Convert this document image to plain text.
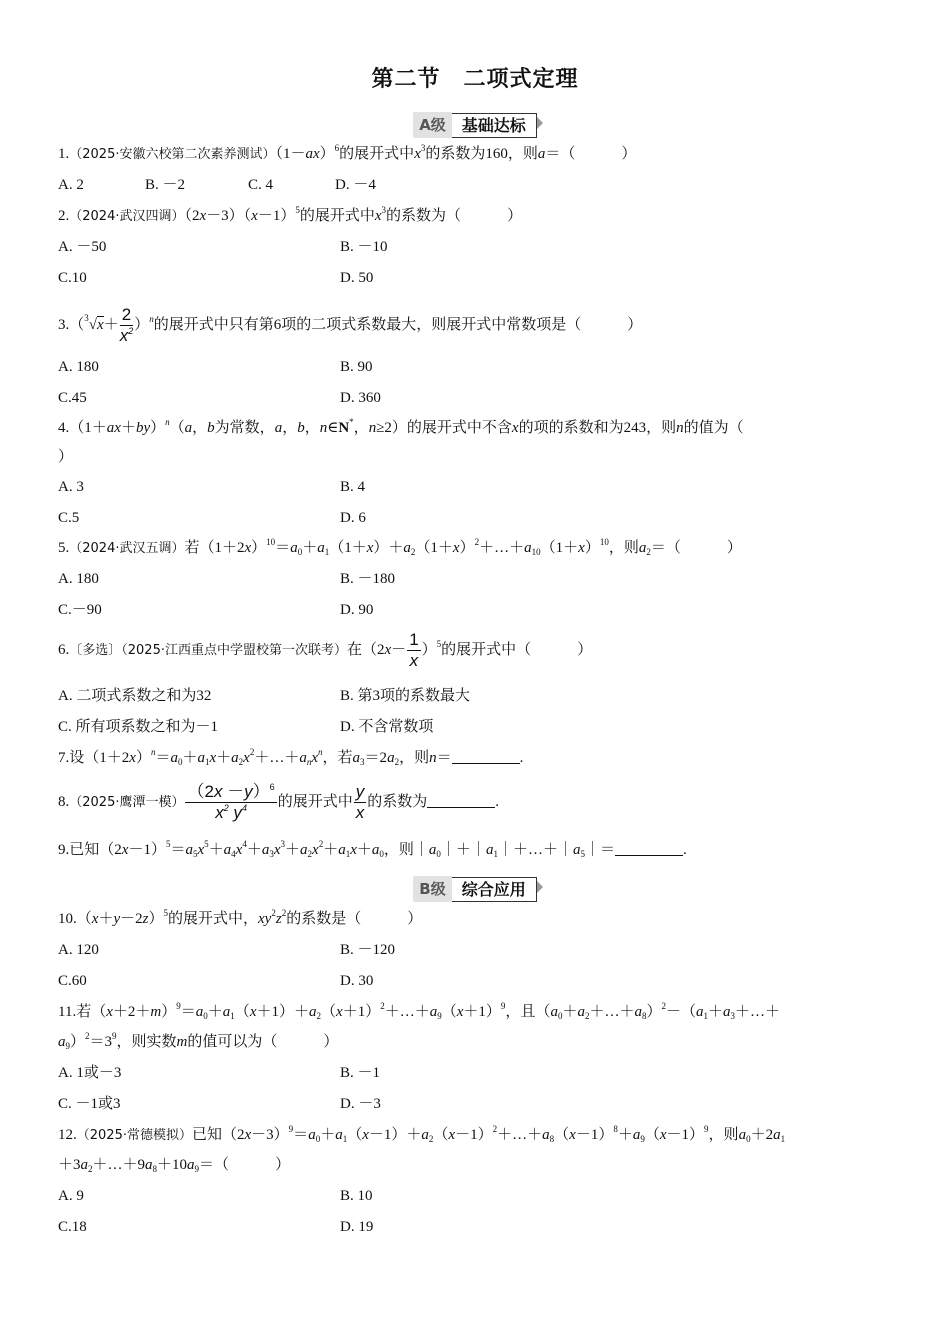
第二节　二项式定理
A级	基础达标
1.（2025·安徽六校第二次素养测试）$(1-ax)^6$的展开式中$x^3$的系数为160，则a＝（	）
A. 2	B. －2	C. 4	D. －4
2.（2024·武汉四调）$(2x-3)(x-1)^5$的展开式中$x^3$的系数为（	）
A. －50	B. －10
C.10	D. 50
$3.(^3√x+ \frac{2}{x^2} )^n$的展开式中只有第6项的二项式系数最大，则展开式中常数项是（	）
A. 180	B. 90
C.45	D. 360
$4.(1+ax+by)^n(a$，b为常数，a，b，n∈N*，n≥2）的展开式中不含x的项的系数和为243，则n的值为（
）
A. 3	B. 4
C.5	D. 6
5.（2024·武汉五调）若$(1+2x)^{10}=a_0+a_1(1+x)+a_2(1+x)^2+\dots+a_{10}(1+x)^{10}$，则$a_2=$（	）
A. 180	B. －180
C.－90	D. 90
6.〔多选〕（2025·江西重点中学盟校第一次联考）在$(2x- \frac{1}{x} )^5$的展开式中（	）
A. 二项式系数之和为32	B. 第3项的系数最大
C. 所有项系数之和为－1	D. 不含常数项
7.设$(1+2x)^n=a_0+a_1x+a_2x^2+\dots+a_nx^n$，若$a_3=2a_2$，则n＝	.
8.（2025·鹰潭一模） $\frac{(2x -y)^6}{x^2 y^4}$ 的展开式中 $\frac{y}{x}$ 的系数为	.
9.已知$(2x-1)^5=a_5x^5+a_4x^4+a_3x^3+a_2x^2+a_1x+a_0$，则$|a_0|+|a_1|+\dots+|a_5|=$	.
B级	综合应用
$10.(x+y-2z)^5$的展开式中，$xy^2z^2$的系数是（	）
A. 120	B. －120
C.60	D. 30
11.若$(x+2+m)^9=a_0+a_1(x+1)+a_2(x+1)^2+\dots+a_9(x+1)^9$，且$(a_0+a_2+\dots+a_8)^2-(a_1+a_3+\dots+$
$a_9)^2=3^9$，则实数m的值可以为（	）
A. 1或－3	B. －1
C. －1或3	D. －3
12.（2025·常德模拟）已知$(2x-3)^9=a_0+a_1(x-1)+a_2(x-1)^2+\dots+a_8(x-1)^8+a_9(x-1)^9$，则$a_0+2a_1$
$+3a_2+\dots+9a_8+10a_9=$（	）
A. 9	B. 10
C.18	D. 19
